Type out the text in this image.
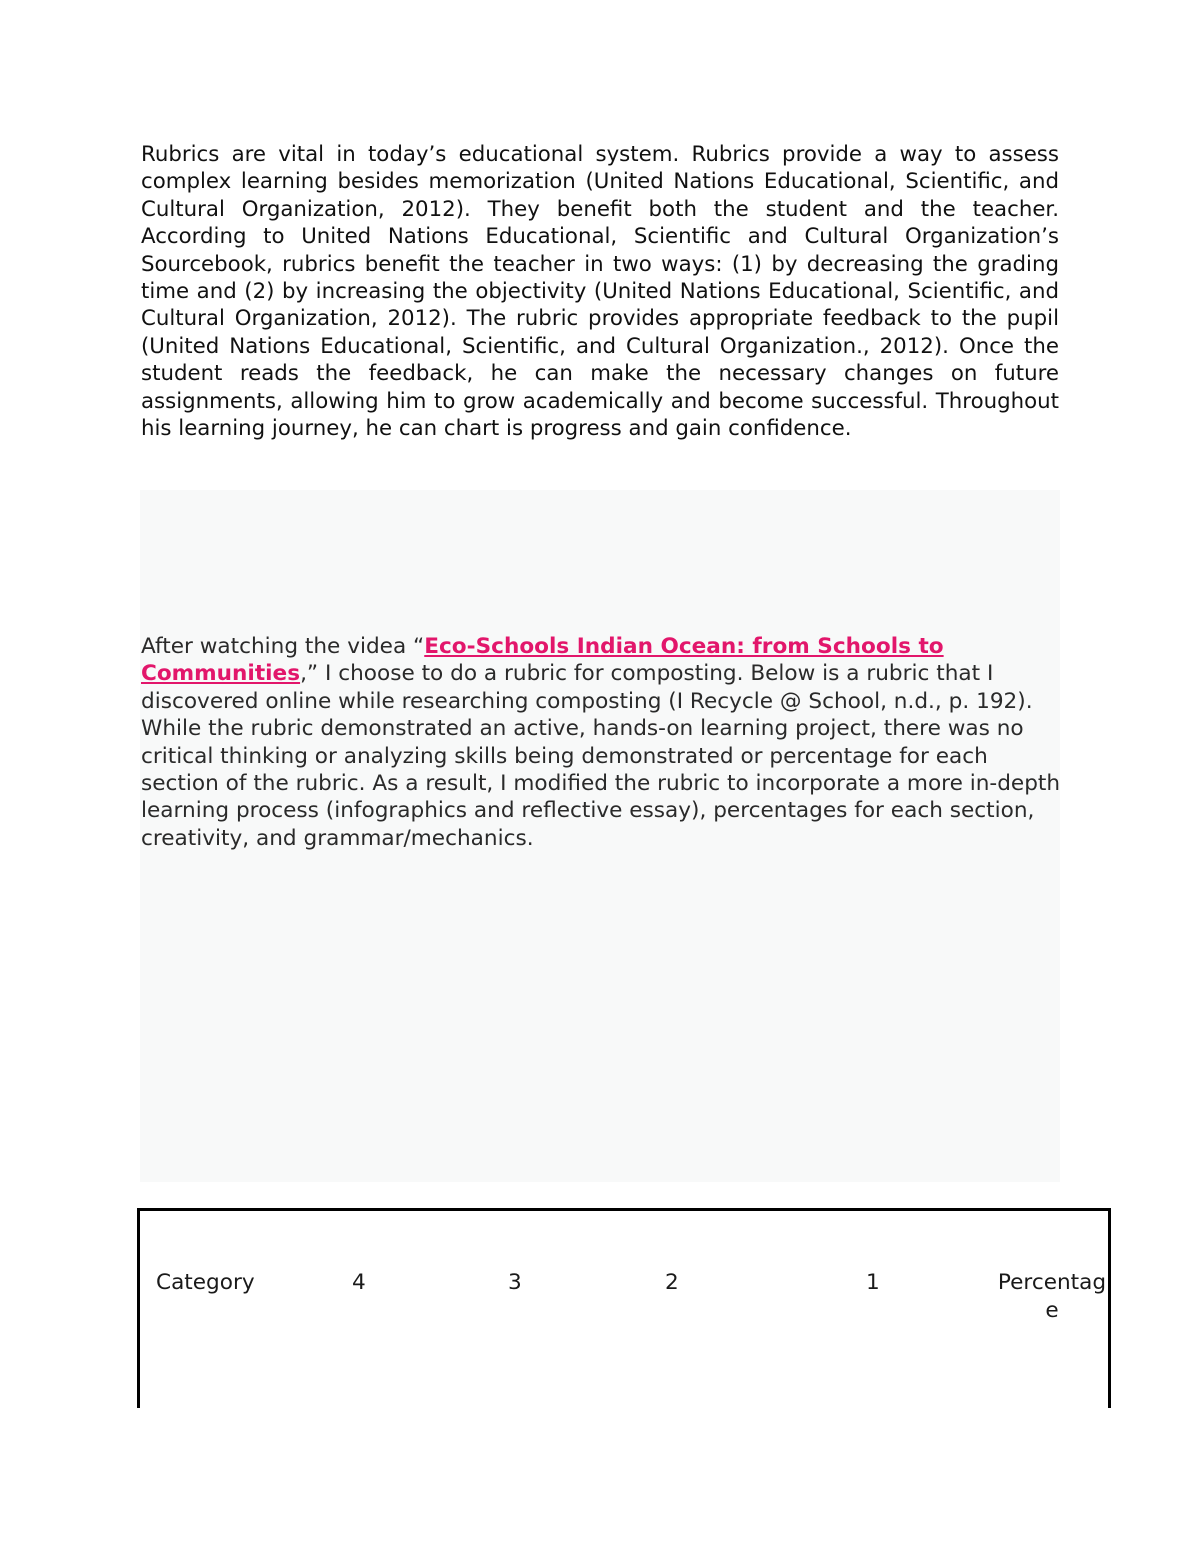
Rubrics are vital in today’s educational system. Rubrics provide a way to assess complex learning besides memorization (United Nations Educational, Scientific, and Cultural Organization, 2012). They benefit both the student and the teacher. According to United Nations Educational, Scientific and Cultural Organization’s Sourcebook, rubrics benefit the teacher in two ways: (1) by decreasing the grading time and (2) by increasing the objectivity (United Nations Educational, Scientific, and Cultural Organization, 2012). The rubric provides appropriate feedback to the pupil (United Nations Educational, Scientific, and Cultural Organization., 2012). Once the student reads the feedback, he can make the necessary changes on future assignments, allowing him to grow academically and become successful. Throughout his learning journey, he can chart is progress and gain confidence.

After watching the videa “Eco-Schools Indian Ocean: from Schools to Communities,” I choose to do a rubric for composting. Below is a rubric that I discovered online while researching composting (I Recycle @ School, n.d., p. 192). While the rubric demonstrated an active, hands-on learning project, there was no critical thinking or analyzing skills being demonstrated or percentage for each section of the rubric. As a result, I modified the rubric to incorporate a more in-depth learning process (infographics and reflective essay), percentages for each section, creativity, and grammar/mechanics.

Category	4	3	2	1	Percentage
